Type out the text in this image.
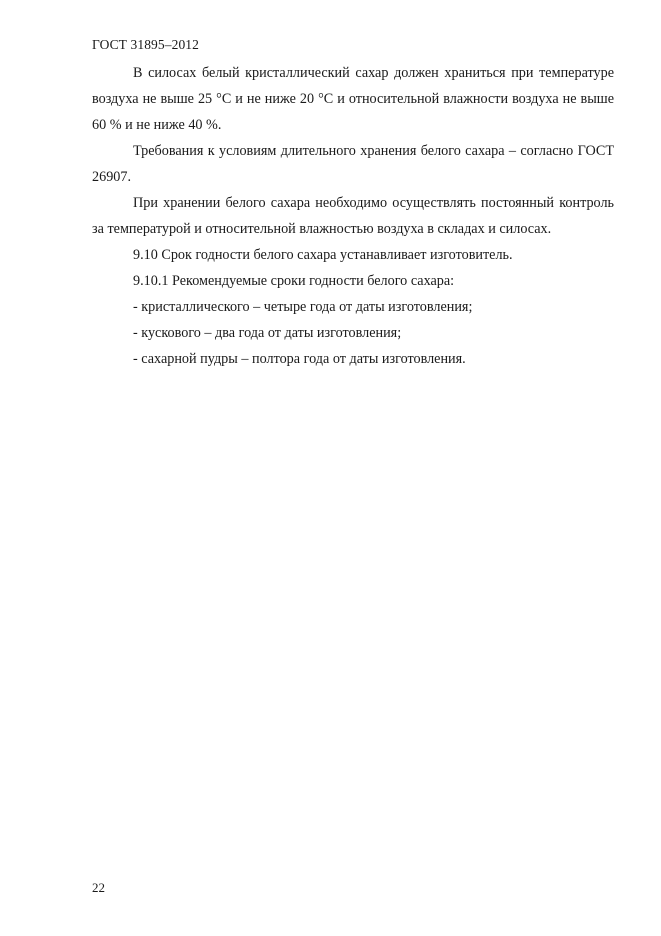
ГОСТ 31895–2012

В силосах белый кристаллический сахар должен храниться при температуре воздуха не выше 25 °С и не ниже 20 °С и относительной влажности воздуха не выше 60 % и не ниже 40 %.

Требования к условиям длительного хранения белого сахара – согласно ГОСТ 26907.

При хранении белого сахара необходимо осуществлять постоянный контроль за температурой и относительной влажностью воздуха в складах и силосах.

9.10 Срок годности белого сахара устанавливает изготовитель.

9.10.1 Рекомендуемые сроки годности белого сахара:

- кристаллического – четыре года от даты изготовления;

- кускового – два года от даты изготовления;

- сахарной пудры – полтора года от даты изготовления.

22
